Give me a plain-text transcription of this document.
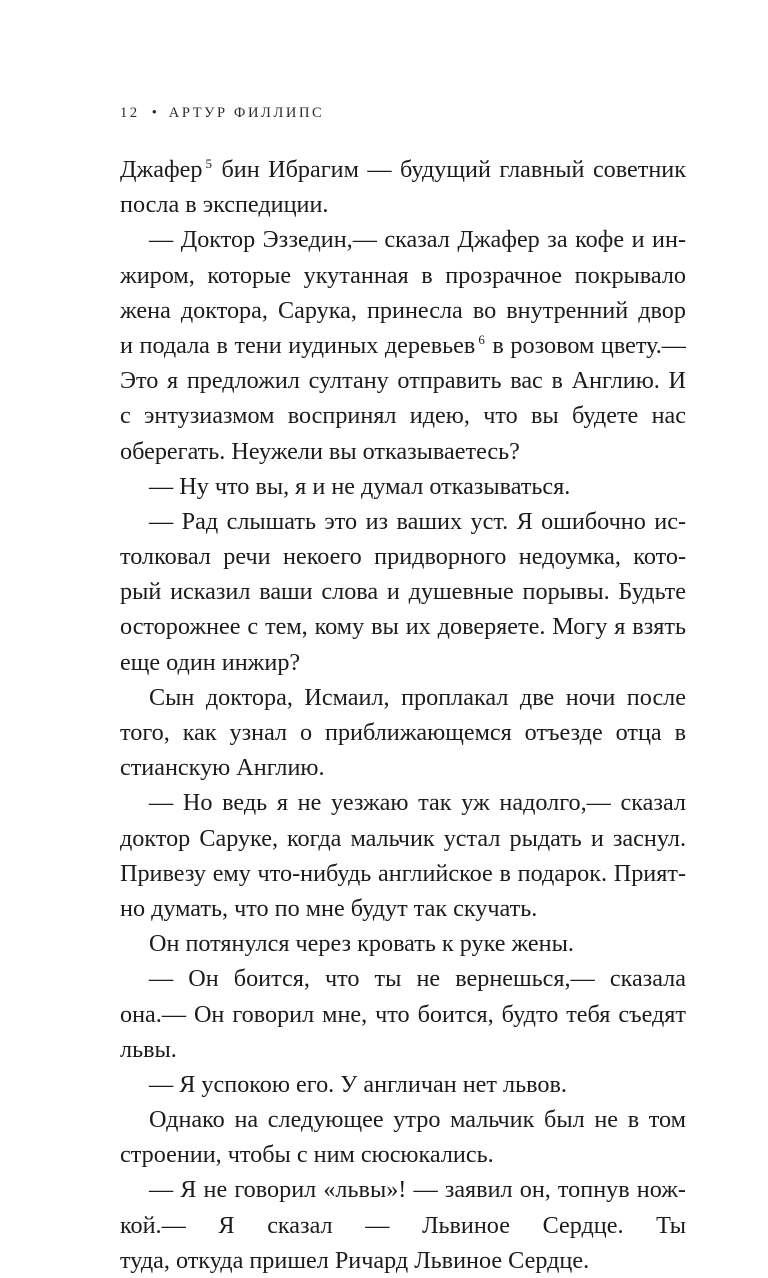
12 • АРТУР ФИЛЛИПС
Джафер $^5$ бин Ибрагим — будущий главный советник
посла в экспедиции.
— Доктор Эззедин,— сказал Джафер за кофе и ин-
жиром, которые укутанная в прозрачное покрывало
жена доктора, Сарука, принесла во внутренний двор
и подала в тени иудиных деревьев $^6$ в розовом цвету.—
Это я предложил султану отправить вас в Англию. И
с энтузиазмом воспринял идею, что вы будете нас
оберегать. Неужели вы отказываетесь?
— Ну что вы, я и не думал отказываться.
— Рад слышать это из ваших уст. Я ошибочно ис-
толковал речи некоего придворного недоумка, кото-
рый исказил ваши слова и душевные порывы. Будьте
осторожнее с тем, кому вы их доверяете. Могу я взять
еще один инжир?
Сын доктора, Исмаил, проплакал две ночи после
того, как узнал о приближающемся отъезде отца в
стианскую Англию.
— Но ведь я не уезжаю так уж надолго,— сказал
доктор Саруке, когда мальчик устал рыдать и заснул.
Привезу ему что-нибудь английское в подарок. Прият-
но думать, что по мне будут так скучать.
Он потянулся через кровать к руке жены.
— Он боится, что ты не вернешься,— сказала
она.— Он говорил мне, что боится, будто тебя съедят
львы.
— Я успокою его. У англичан нет львов.
Однако на следующее утро мальчик был не в том
строении, чтобы с ним сюсюкались.
— Я не говорил «львы»! — заявил он, топнув нож-
кой.— Я сказал — Львиное Сердце. Ты
туда, откуда пришел Ричард Львиное Сердце.
